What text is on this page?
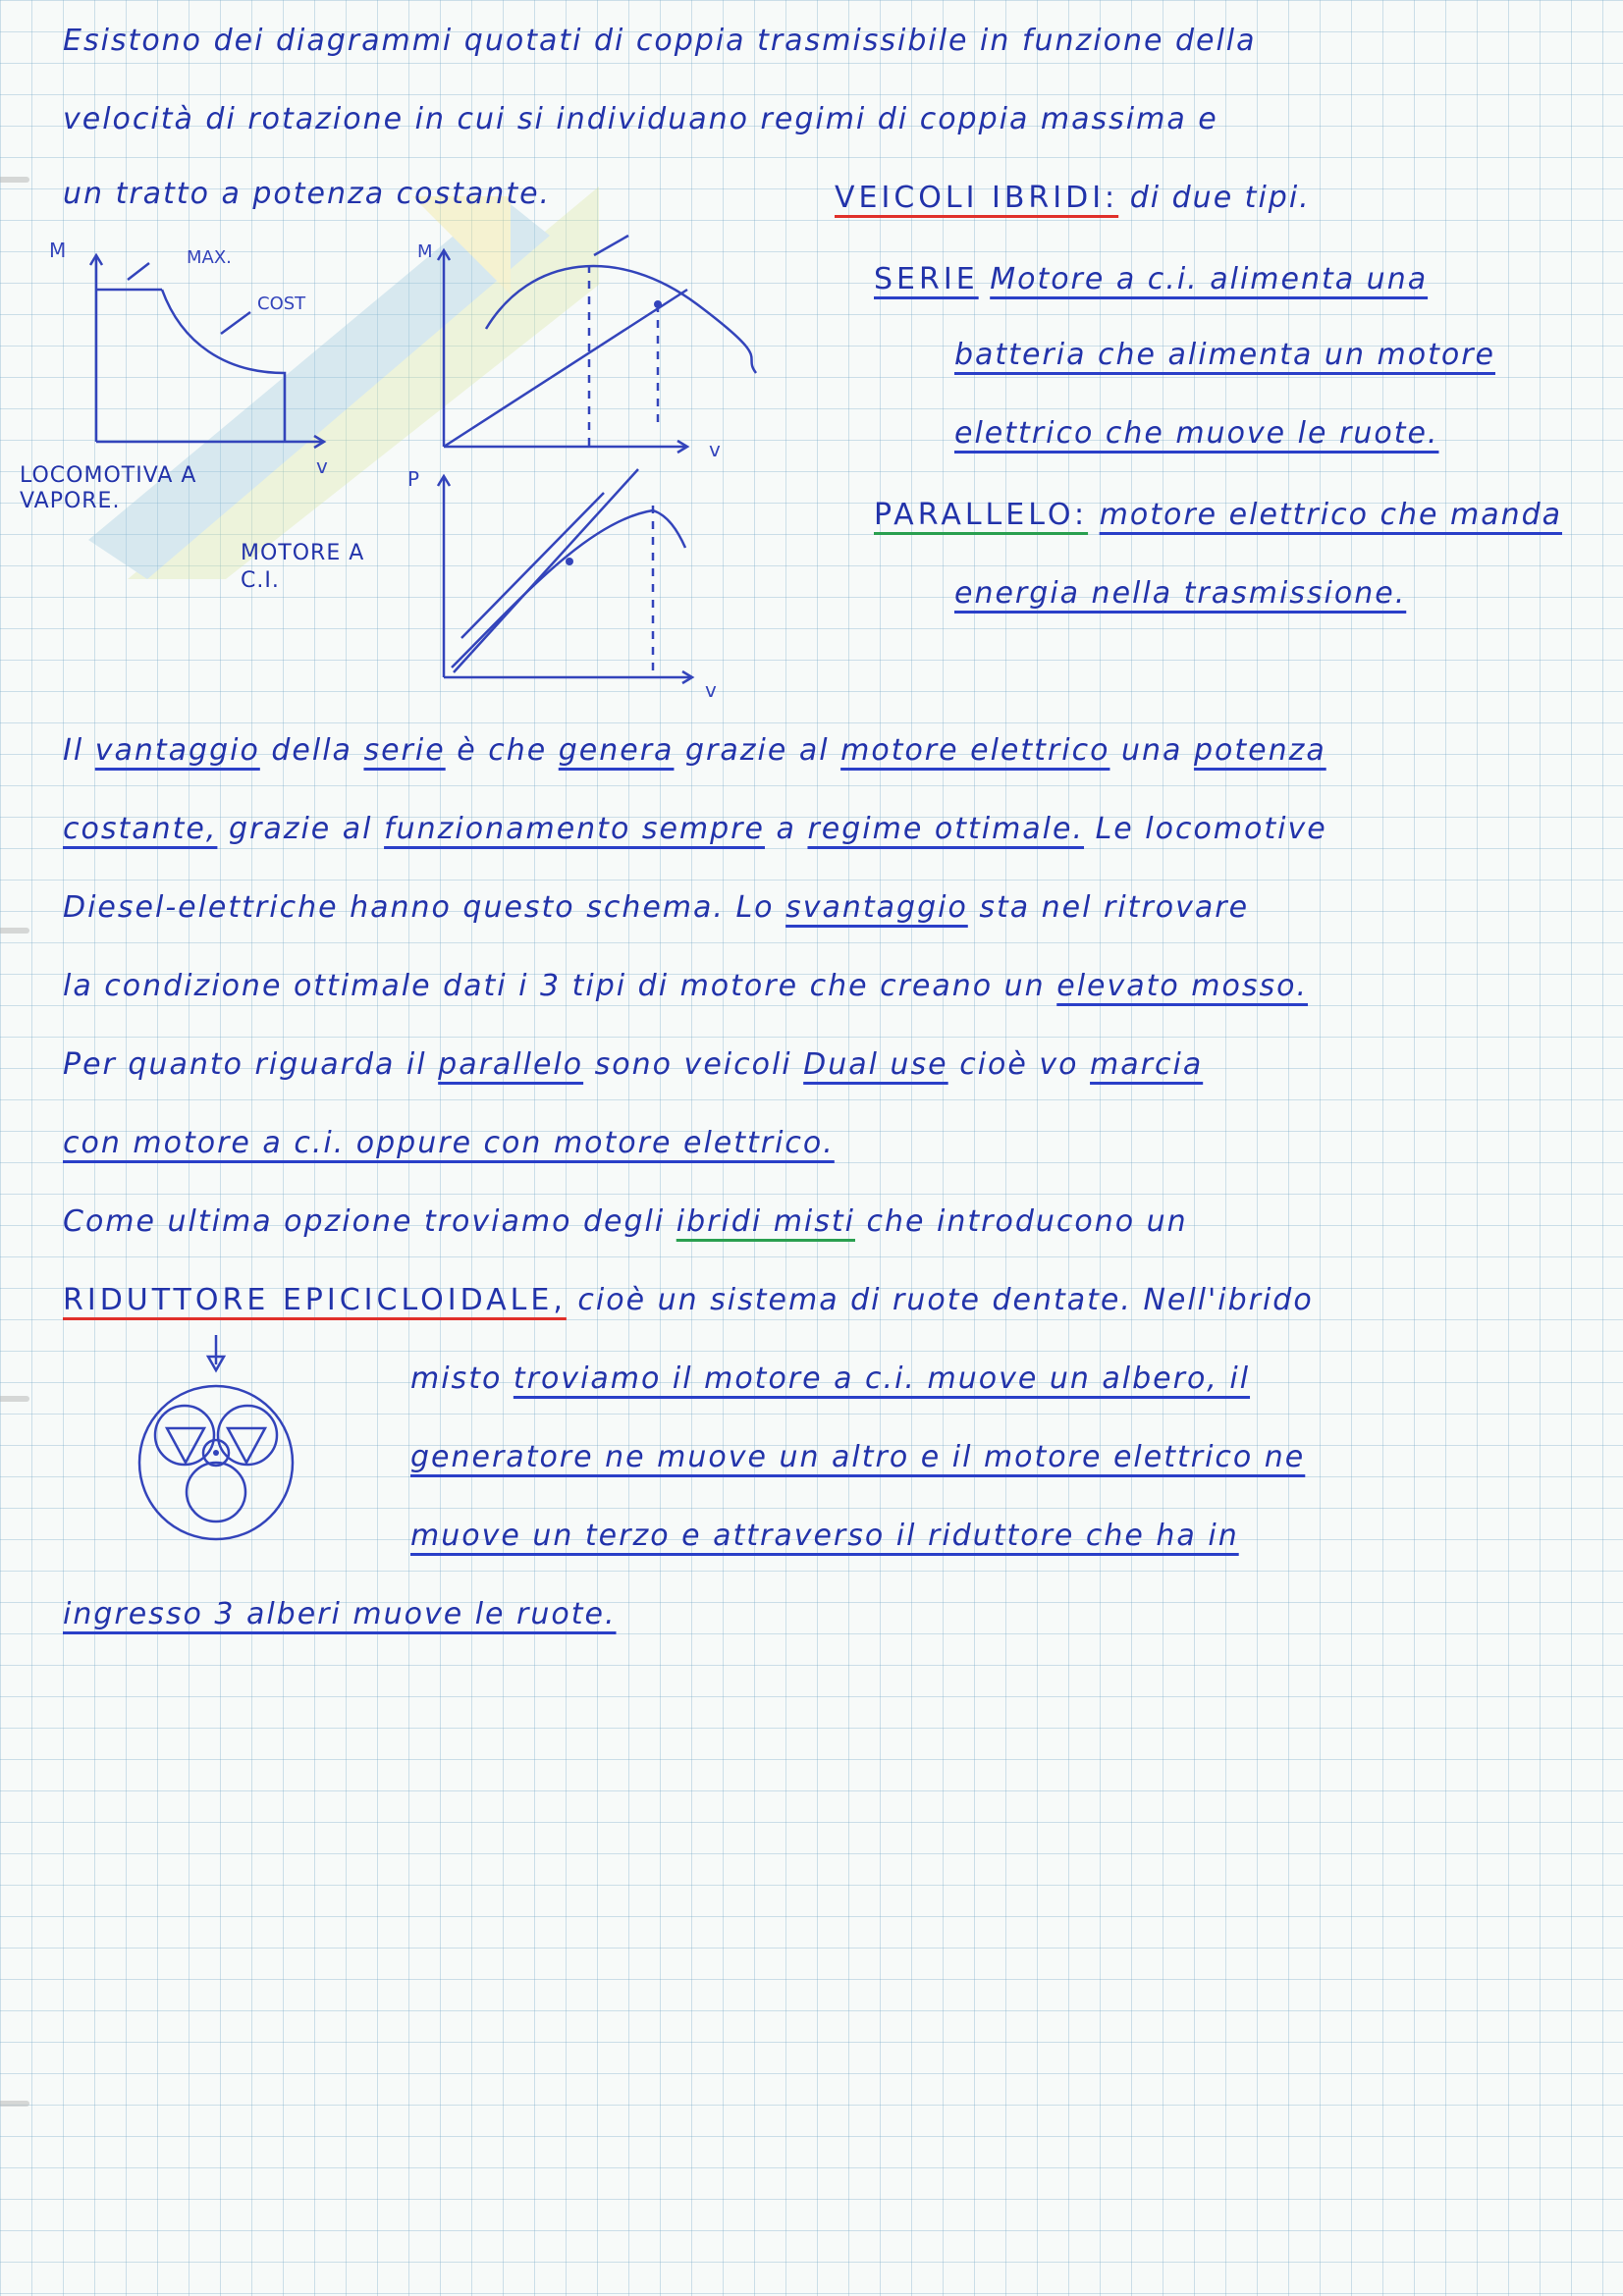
Esistono dei diagrammi quotati di coppia trasmissibile in funzione della
velocità di rotazione in cui si individuano regimi di coppia massima e
un tratto a potenza costante.	VEICOLI IBRIDI: di due tipi.
SERIE Motore a c.i. alimenta una
batteria che alimenta un motore
elettrico che muove le ruote.
PARALLELO: motore elettrico che manda
energia nella trasmissione.
M
v
MAX.
COST
LOCOMOTIVA A VAPORE.
M
v
P
v
MOTORE A C.I.
Il vantaggio della serie è che genera grazie al motore elettrico una potenza
costante, grazie al funzionamento sempre a regime ottimale. Le locomotive
Diesel-elettriche hanno questo schema. Lo svantaggio sta nel ritrovare
la condizione ottimale dati i 3 tipi di motore che creano un elevato mosso.
Per quanto riguarda il parallelo sono veicoli Dual use cioè vo marcia
con motore a c.i. oppure con motore elettrico.
Come ultima opzione troviamo degli ibridi misti che introducono un
RIDUTTORE EPICICLOIDALE, cioè un sistema di ruote dentate. Nell'ibrido
misto troviamo il motore a c.i. muove un albero, il
generatore ne muove un altro e il motore elettrico ne
muove un terzo e attraverso il riduttore che ha in
ingresso 3 alberi muove le ruote.
